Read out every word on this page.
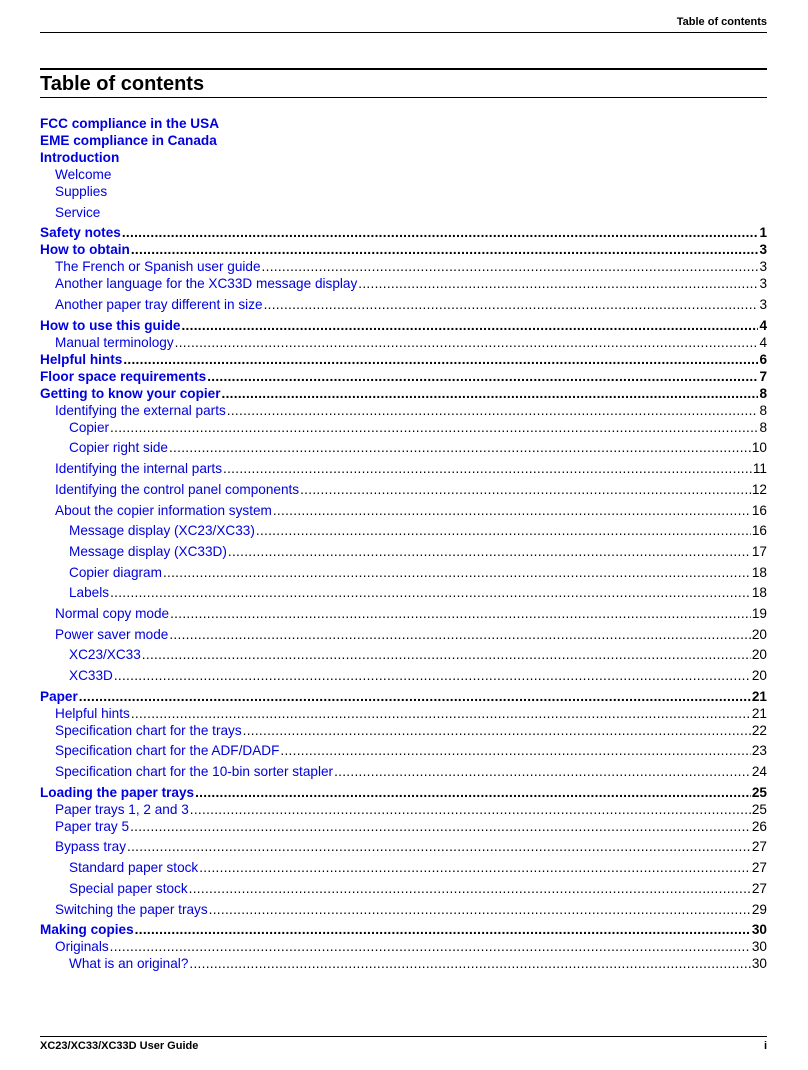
Table of contents
Table of contents
FCC compliance in the USA
EME compliance in Canada
Introduction
Welcome
Supplies
Service
Safety notes .....	1
How to obtain .....	3
The French or Spanish user guide .....	3
Another language for the XC33D message display .....	3
Another paper tray different in size .....	3
How to use this guide .....	4
Manual terminology .....	4
Helpful hints .....	6
Floor space requirements .....	7
Getting to know your copier .....	8
Identifying the external parts .....	8
Copier .....	8
Copier right side .....	10
Identifying the internal parts .....	11
Identifying the control panel components .....	12
About the copier information system .....	16
Message display (XC23/XC33) .....	16
Message display (XC33D) .....	17
Copier diagram .....	18
Labels .....	18
Normal copy mode .....	19
Power saver mode .....	20
XC23/XC33 .....	20
XC33D .....	20
Paper .....	21
Helpful hints .....	21
Specification chart for the trays .....	22
Specification chart for the ADF/DADF .....	23
Specification chart for the 10-bin sorter stapler .....	24
Loading the paper trays .....	25
Paper trays 1, 2 and 3 .....	25
Paper tray 5 .....	26
Bypass tray .....	27
Standard paper stock .....	27
Special paper stock .....	27
Switching the paper trays .....	29
Making copies .....	30
Originals .....	30
What is an original? .....	30
XC23/XC33/XC33D User Guide	i
